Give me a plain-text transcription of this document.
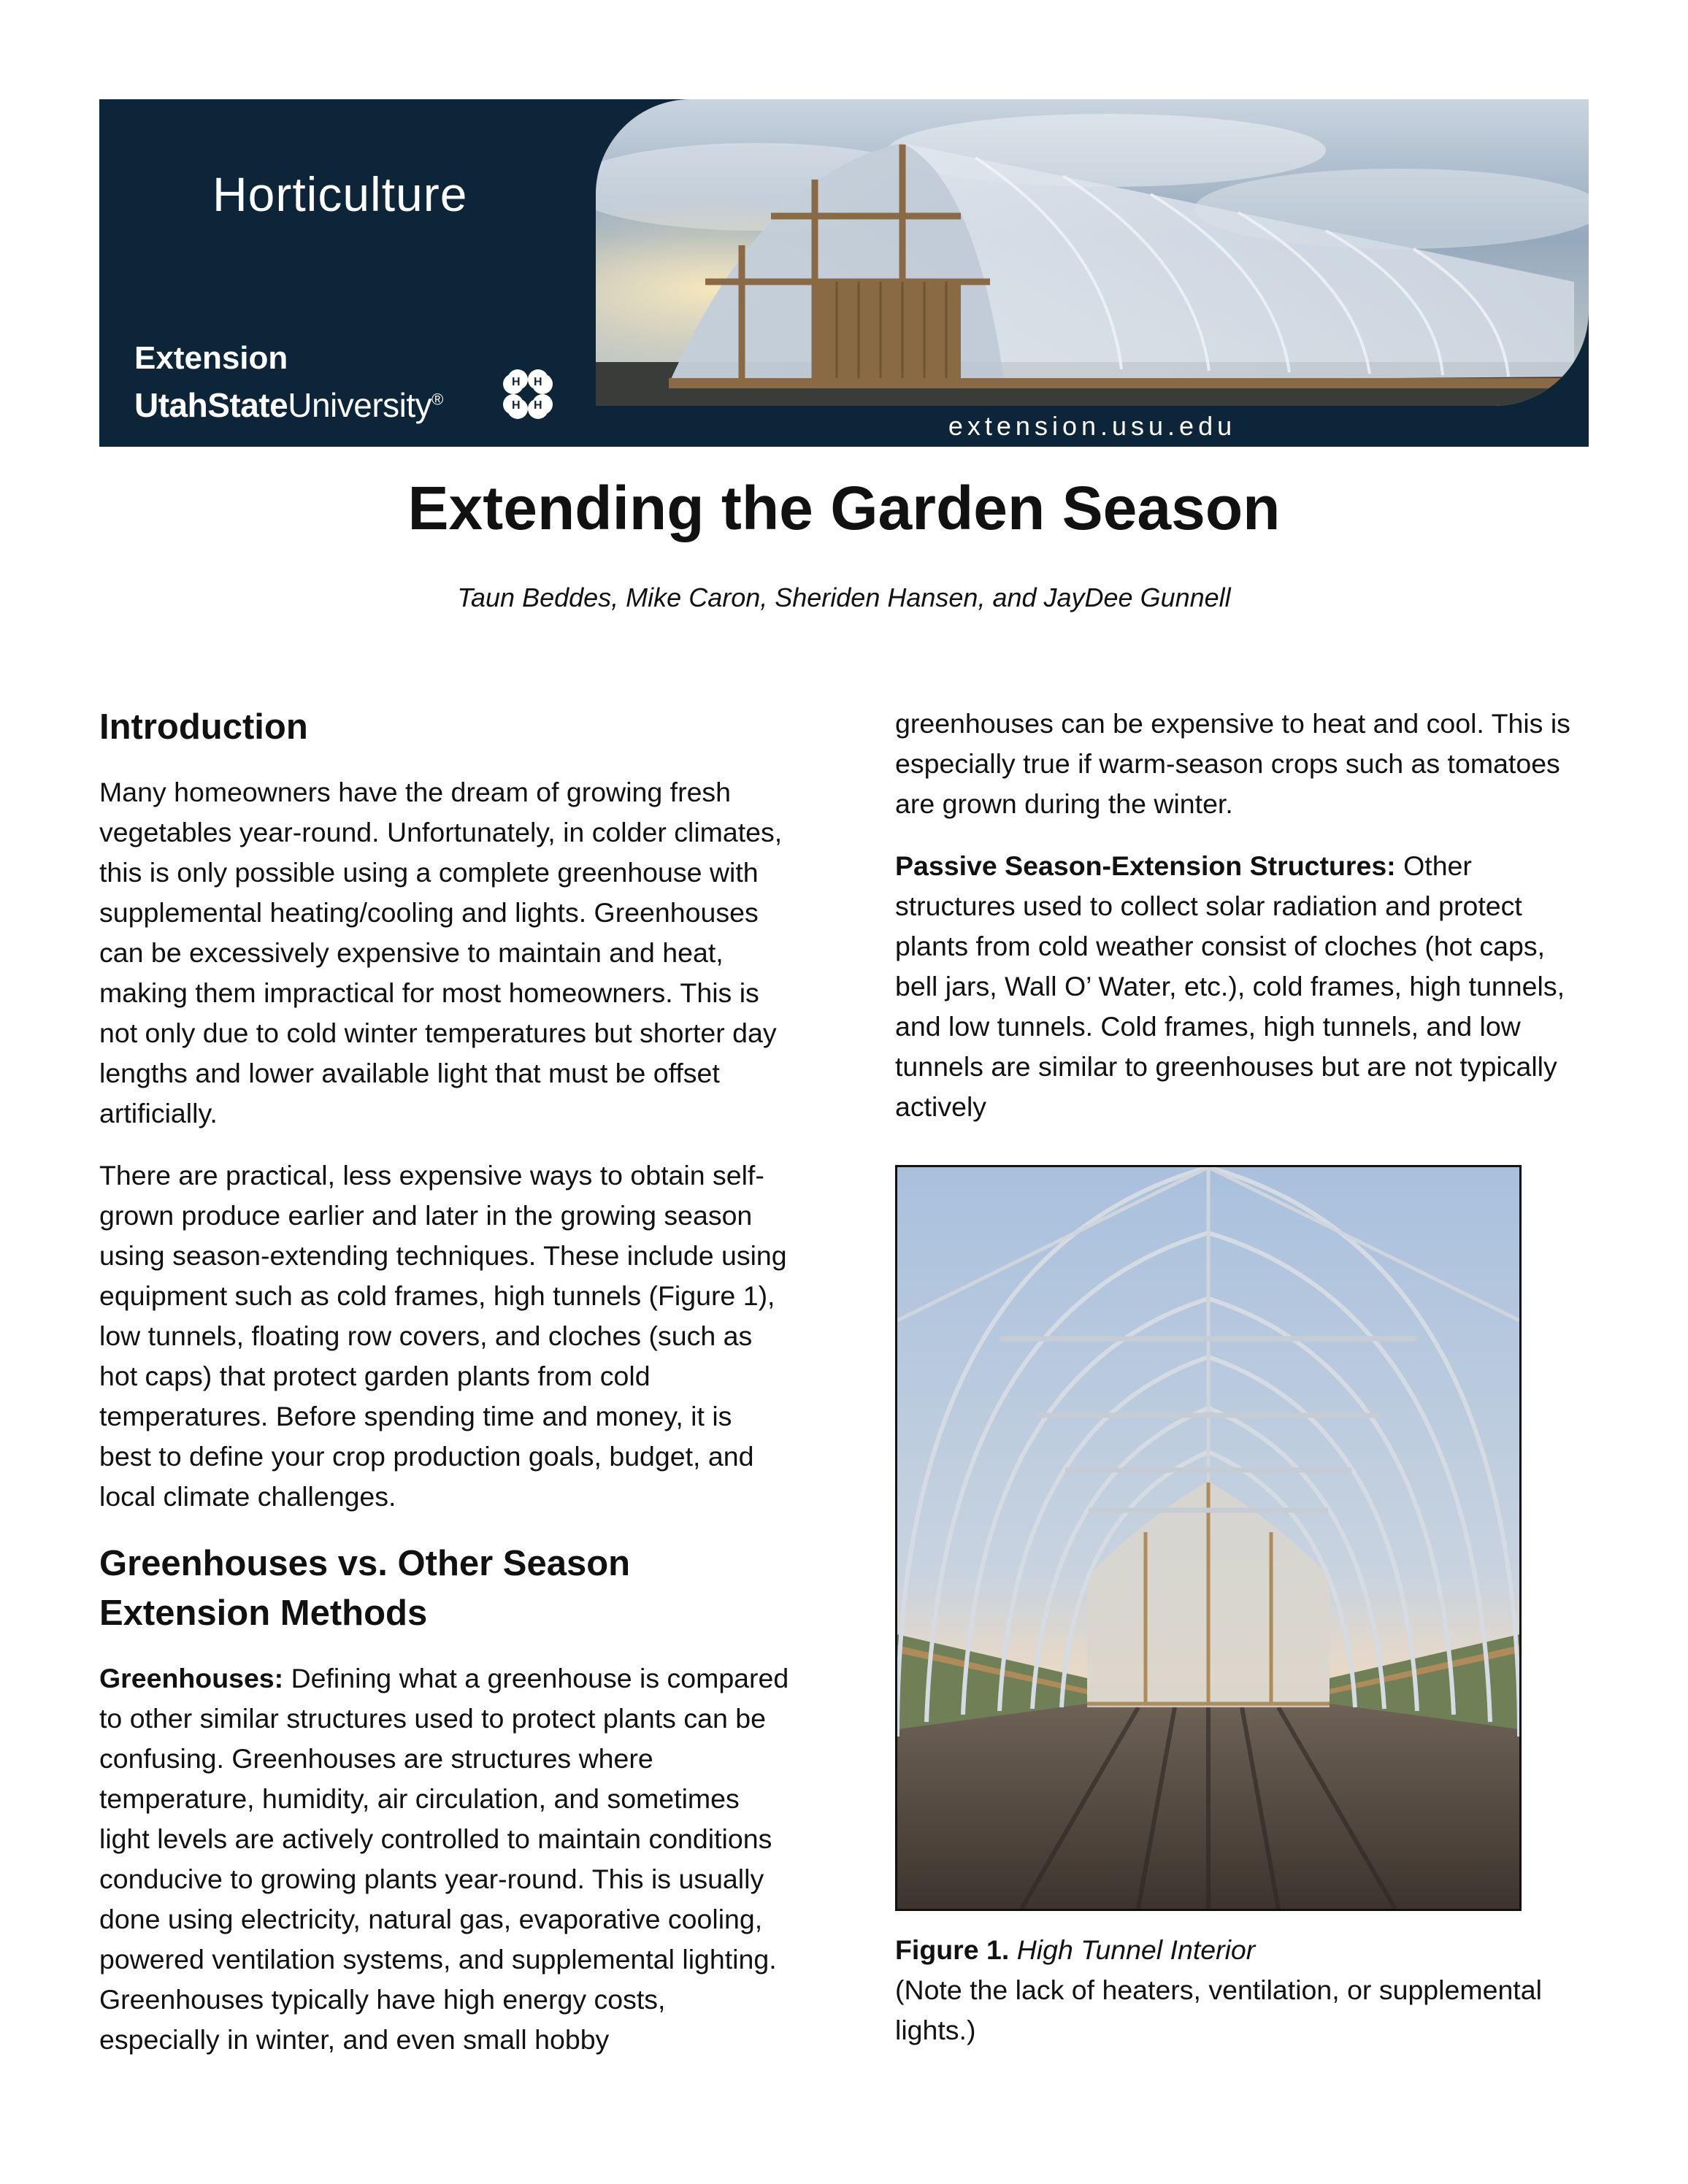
Horticulture
Extension
UtahStateUniversity®
H H
H H
extension.usu.edu
Extending the Garden Season
Taun Beddes, Mike Caron, Sheriden Hansen, and JayDee Gunnell
Introduction

Many homeowners have the dream of growing fresh vegetables year-round. Unfortunately, in colder climates, this is only possible using a complete greenhouse with supplemental heating/cooling and lights. Greenhouses can be excessively expensive to maintain and heat, making them impractical for most homeowners. This is not only due to cold winter temperatures but shorter day lengths and lower available light that must be offset artificially.

There are practical, less expensive ways to obtain self-grown produce earlier and later in the growing season using season-extending techniques. These include using equipment such as cold frames, high tunnels (Figure 1), low tunnels, floating row covers, and cloches (such as hot caps) that protect garden plants from cold temperatures. Before spending time and money, it is best to define your crop production goals, budget, and local climate challenges.

Greenhouses vs. Other Season Extension Methods

Greenhouses: Defining what a greenhouse is compared to other similar structures used to protect plants can be confusing. Greenhouses are structures where temperature, humidity, air circulation, and sometimes light levels are actively controlled to maintain conditions conducive to growing plants year-round. This is usually done using electricity, natural gas, evaporative cooling, powered ventilation systems, and supplemental lighting. Greenhouses typically have high energy costs, especially in winter, and even small hobby

greenhouses can be expensive to heat and cool. This is especially true if warm-season crops such as tomatoes are grown during the winter.

Passive Season-Extension Structures: Other structures used to collect solar radiation and protect plants from cold weather consist of cloches (hot caps, bell jars, Wall O’ Water, etc.), cold frames, high tunnels, and low tunnels. Cold frames, high tunnels, and low tunnels are similar to greenhouses but are not typically actively

Figure 1. High Tunnel Interior
(Note the lack of heaters, ventilation, or supplemental lights.)
